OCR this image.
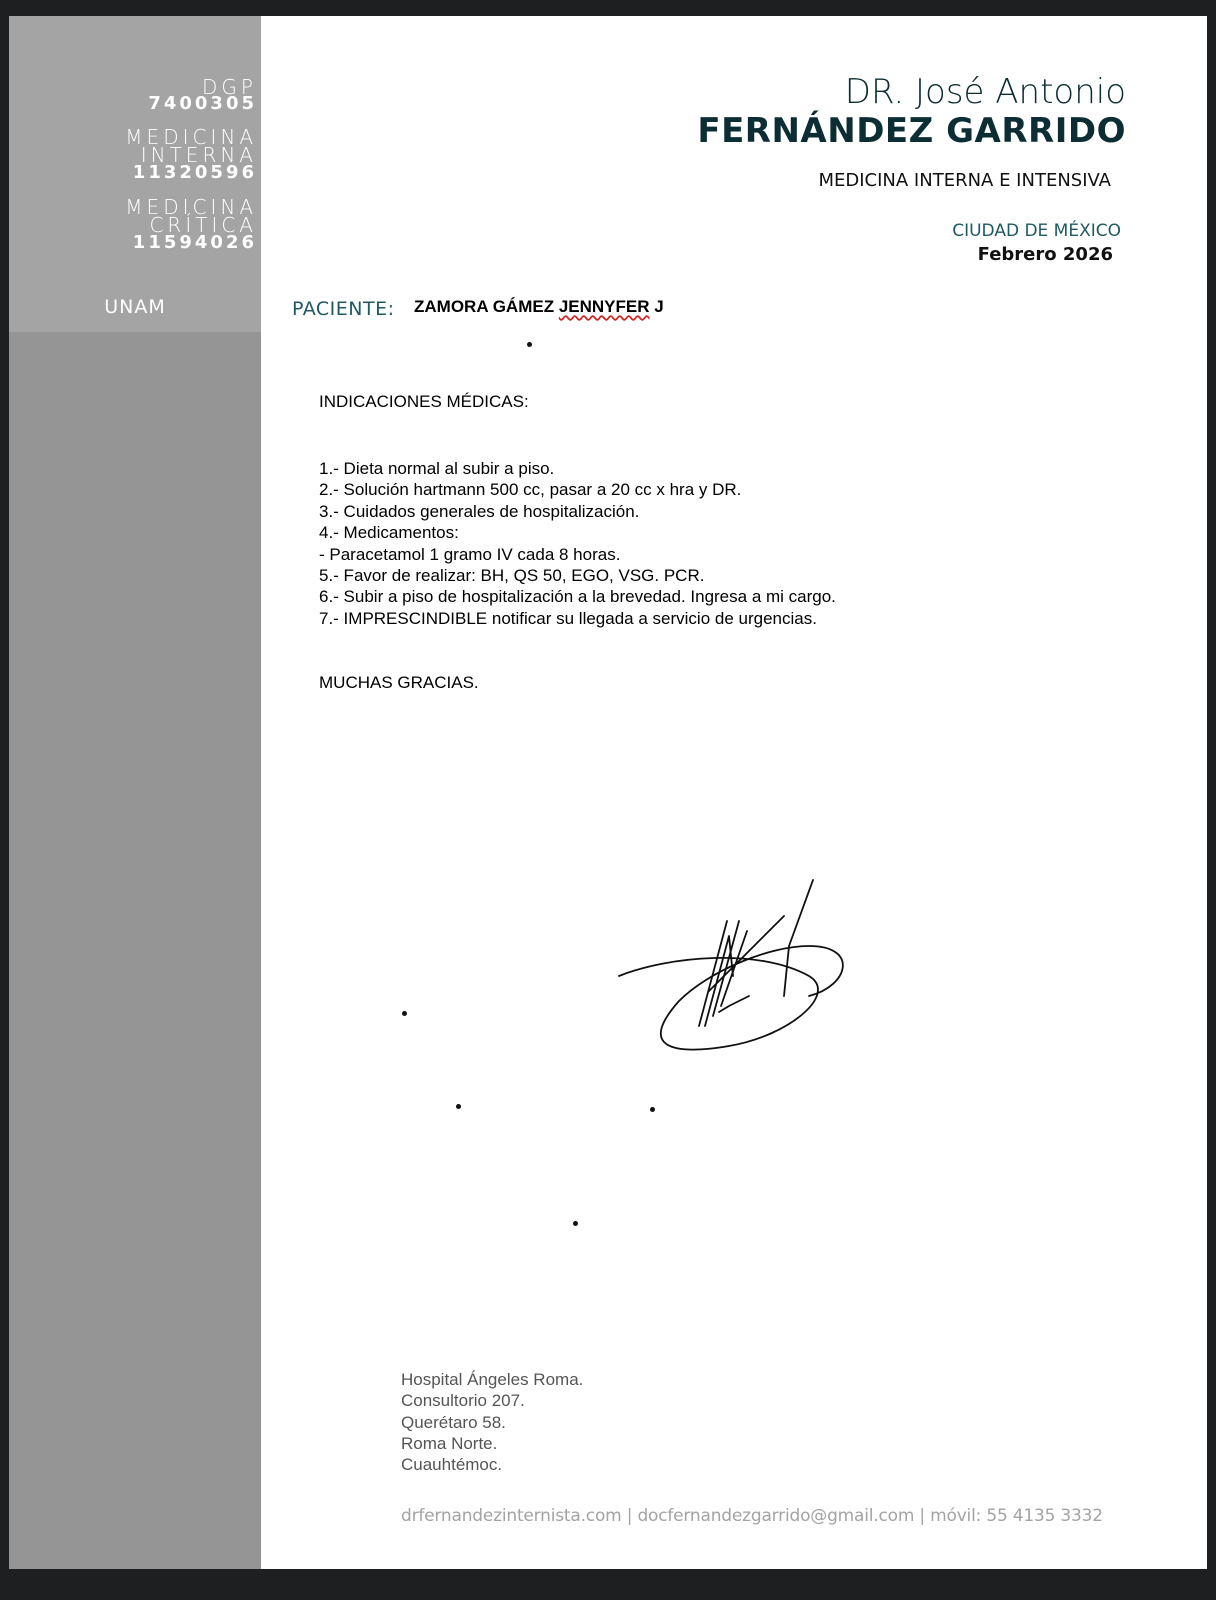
DGP
7400305
MEDICINA
INTERNA
11320596
MEDICINA
CRÍTICA
11594026
UNAM
DR. José Antonio
FERNÁNDEZ GARRIDO
MEDICINA INTERNA E INTENSIVA
CIUDAD DE MÉXICO
Febrero 2026
PACIENTE: ZAMORA GÁMEZ JENNYFER J
INDICACIONES MÉDICAS:
1.- Dieta normal al subir a piso.
2.- Solución hartmann 500 cc, pasar a 20 cc x hra y DR.
3.- Cuidados generales de hospitalización.
4.- Medicamentos:
- Paracetamol 1 gramo IV cada 8 horas.
5.- Favor de realizar: BH, QS 50, EGO, VSG. PCR.
6.- Subir a piso de hospitalización a la brevedad. Ingresa a mi cargo.
7.- IMPRESCINDIBLE notificar su llegada a servicio de urgencias.
MUCHAS GRACIAS.
Hospital Ángeles Roma.
Consultorio 207.
Querétaro 58.
Roma Norte.
Cuauhtémoc.
drfernandezinternista.com | docfernandezgarrido@gmail.com | móvil: 55 4135 3332
